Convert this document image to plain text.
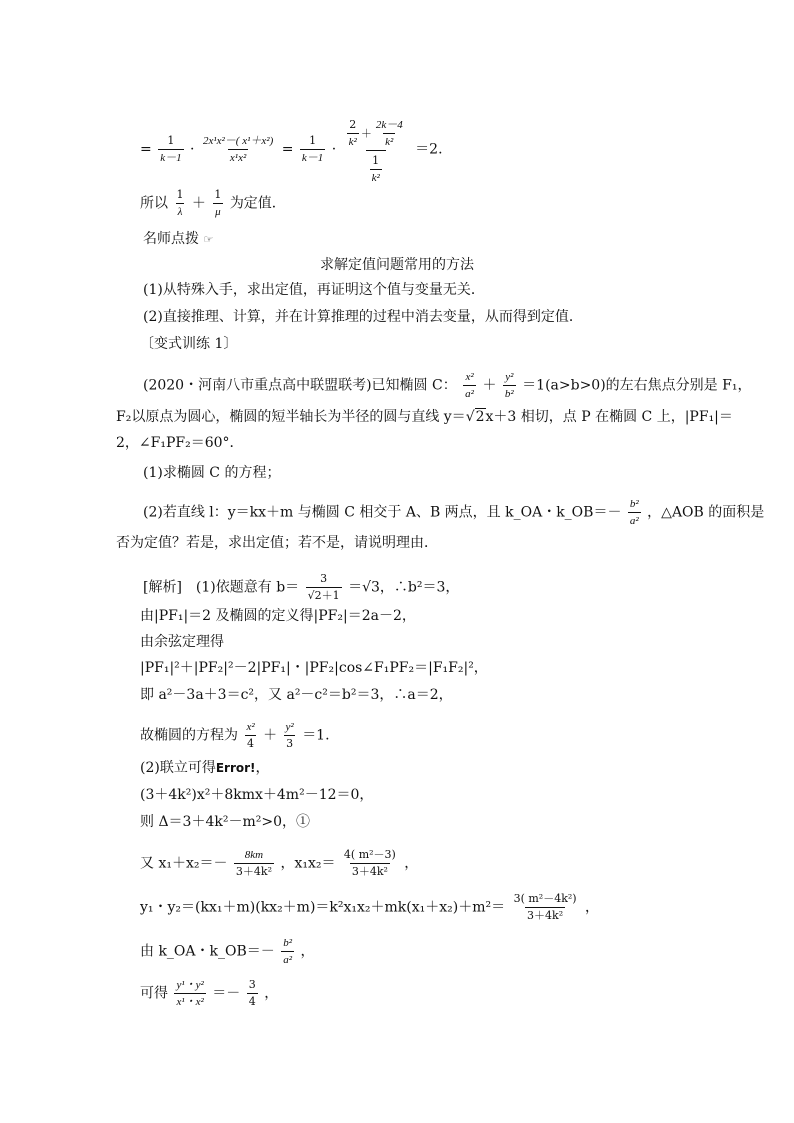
= $\frac{1}{k-1} \cdot \frac{\text{2x¹x²－( x¹＋x²)}}{\text{x¹x²}} = \frac{1}{k-1} \cdot \frac{\frac{2}{\text{k²}} + \frac{2k-4}{\text{k²}}}{\frac{1}{\text{k²}}} =2$.
所以 $\frac{1}{\lambda} + \frac{1}{\mu}$ 为定值．
名师点拨 ☞
求解定值问题常用的方法
(1)从特殊入手，求出定值，再证明这个值与变量无关．
(2)直接推理、计算，并在计算推理的过程中消去变量，从而得到定值．
〔变式训练 1〕
(2020・河南八市重点高中联盟联考)已知椭圆 C： $\frac{\text{x²}}{\text{a²}} + \frac{\text{y²}}{\text{b²}} =1(a>b>0)$的左右焦点分别是 F₁，
F₂以原点为圆心，椭圆的短半轴长为半径的圆与直线 y＝√2x＋3 相切，点 P 在椭圆 C 上，|PF₁|＝
2，∠F₁PF₂＝60°．
(1)求椭圆 C 的方程；
(2)若直线 l：y＝kx＋m 与椭圆 C 相交于 A、B 两点，且 k_OA・k_OB＝－ $\frac{\text{b²}}{\text{a²}}$ ，△AOB 的面积是
否为定值？若是，求出定值；若不是，请说明理由．
[解析]　(1)依题意有 $b= \frac{3}{√2+1} =√3$，∴b²＝3，
由|PF₁|＝2 及椭圆的定义得|PF₂|＝2a－2，
由余弦定理得
|PF₁|²＋|PF₂|²－2|PF₁|・|PF₂|cos∠F₁PF₂＝|F₁F₂|²，
即 a²－3a＋3＝c²，又 a²－c²＝b²＝3，∴a＝2，
故椭圆的方程为 $\frac{\text{x²}}{4} + \frac{\text{y²}}{3} =1$.
(2)联立可得Error!，
(3＋4k²)x²＋8kmx＋4m²－12＝0，
则 Δ＝3＋4k²－m²>0，①
又 $x_1+x_2=- \frac{8km}{\text{3＋4k²}}$ ，$x_1x_2= \frac{\text{4( m²－3)}}{\text{3＋4k²}}$ ，
y₁・$y_2=(kx_1+m)(kx_2+m)=k^2x_1x_2+mk(x_1+x_2)+m^2= \frac{\text{3( m²－4k²)}}{\text{3＋4k²}}$ ，
由 k_OA・k_OB＝－ $\frac{\text{b²}}{\text{a²}}$ ，
可得 $\frac{\text{y¹・y²}}{\text{x¹・x²}} =- \frac{3}{4}$ ，
